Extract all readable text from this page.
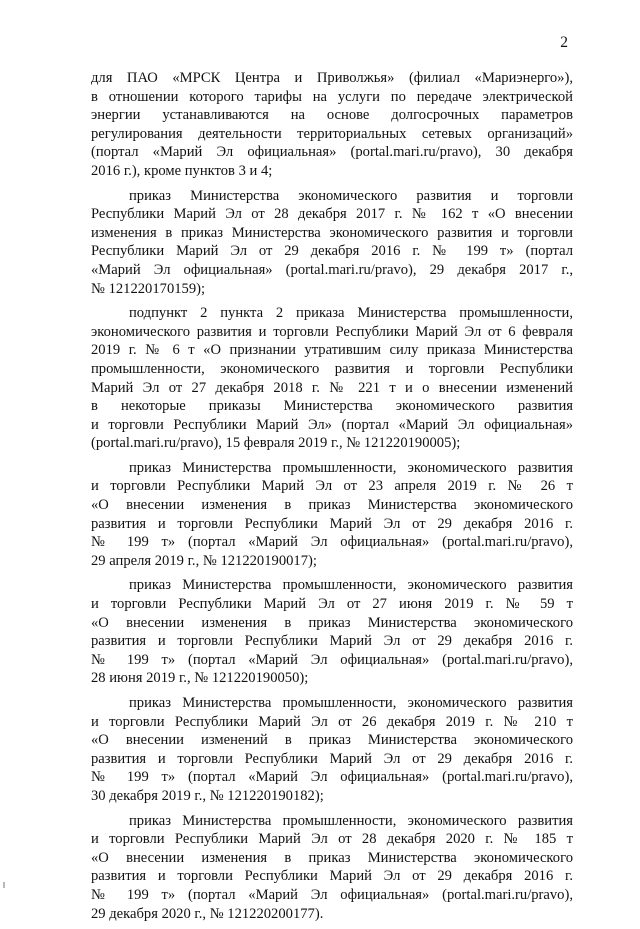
2

для ПАО «МРСК Центра и Приволжья» (филиал «Мариэнерго»),
в отношении которого тарифы на услуги по передаче электрической
энергии устанавливаются на основе долгосрочных параметров
регулирования деятельности территориальных сетевых организаций»
(портал «Марий Эл официальная» (portal.mari.ru/pravo), 30 декабря
2016 г.), кроме пунктов 3 и 4;

приказ Министерства экономического развития и торговли
Республики Марий Эл от 28 декабря 2017 г. № 162 т «О внесении
изменения в приказ Министерства экономического развития и торговли
Республики Марий Эл от 29 декабря 2016 г. № 199 т» (портал
«Марий Эл официальная» (portal.mari.ru/pravo), 29 декабря 2017 г.,
№ 121220170159);

подпункт 2 пункта 2 приказа Министерства промышленности,
экономического развития и торговли Республики Марий Эл от 6 февраля
2019 г. № 6 т «О признании утратившим силу приказа Министерства
промышленности, экономического развития и торговли Республики
Марий Эл от 27 декабря 2018 г. № 221 т и о внесении изменений
в некоторые приказы Министерства экономического развития
и торговли Республики Марий Эл» (портал «Марий Эл официальная»
(portal.mari.ru/pravo), 15 февраля 2019 г., № 121220190005);

приказ Министерства промышленности, экономического развития
и торговли Республики Марий Эл от 23 апреля 2019 г. № 26 т
«О внесении изменения в приказ Министерства экономического
развития и торговли Республики Марий Эл от 29 декабря 2016 г.
№ 199 т» (портал «Марий Эл официальная» (portal.mari.ru/pravo),
29 апреля 2019 г., № 121220190017);

приказ Министерства промышленности, экономического развития
и торговли Республики Марий Эл от 27 июня 2019 г. № 59 т
«О внесении изменения в приказ Министерства экономического
развития и торговли Республики Марий Эл от 29 декабря 2016 г.
№ 199 т» (портал «Марий Эл официальная» (portal.mari.ru/pravo),
28 июня 2019 г., № 121220190050);

приказ Министерства промышленности, экономического развития
и торговли Республики Марий Эл от 26 декабря 2019 г. № 210 т
«О внесении изменений в приказ Министерства экономического
развития и торговли Республики Марий Эл от 29 декабря 2016 г.
№ 199 т» (портал «Марий Эл официальная» (portal.mari.ru/pravo),
30 декабря 2019 г., № 121220190182);

приказ Министерства промышленности, экономического развития
и торговли Республики Марий Эл от 28 декабря 2020 г. № 185 т
«О внесении изменения в приказ Министерства экономического
развития и торговли Республики Марий Эл от 29 декабря 2016 г.
№ 199 т» (портал «Марий Эл официальная» (portal.mari.ru/pravo),
29 декабря 2020 г., № 121220200177).
